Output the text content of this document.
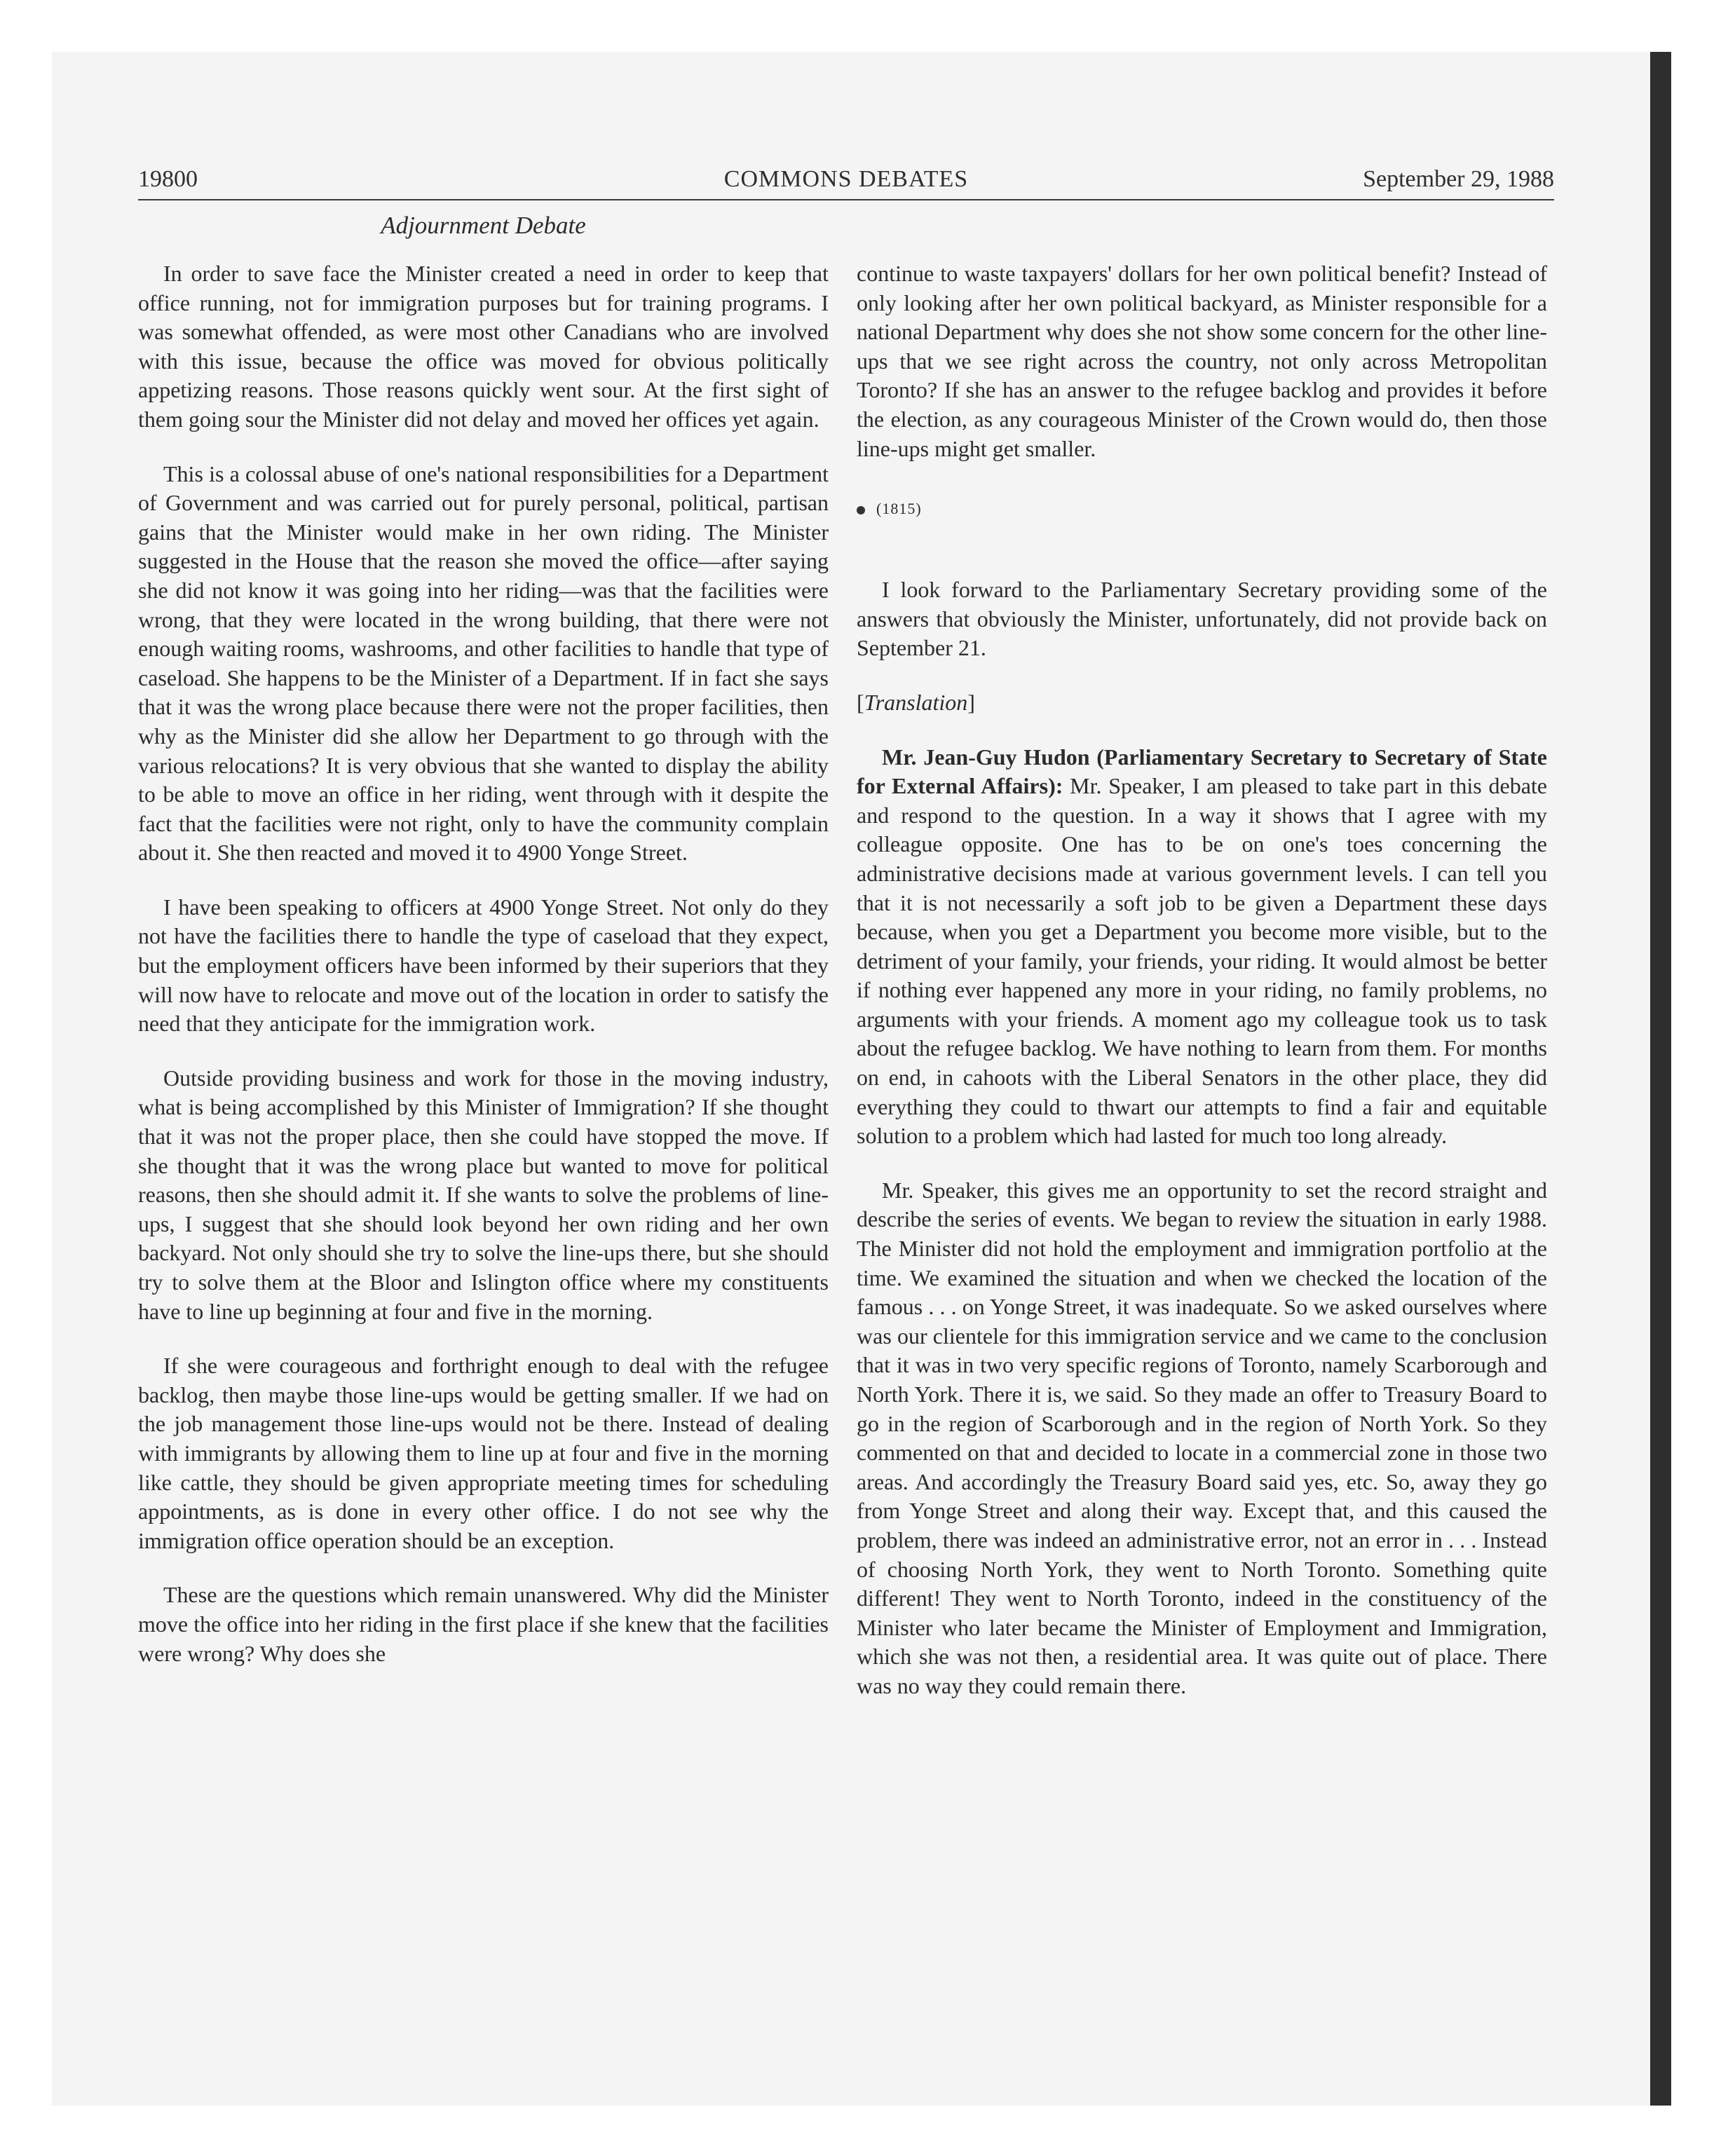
19800	COMMONS DEBATES	September 29, 1988
Adjournment Debate

In order to save face the Minister created a need in order to keep that office running, not for immigration purposes but for training programs. I was somewhat offended, as were most other Canadians who are involved with this issue, because the office was moved for obvious politically appetizing reasons. Those reasons quickly went sour. At the first sight of them going sour the Minister did not delay and moved her offices yet again.

This is a colossal abuse of one's national responsibilities for a Department of Government and was carried out for purely personal, political, partisan gains that the Minister would make in her own riding. The Minister suggested in the House that the reason she moved the office—after saying she did not know it was going into her riding—was that the facilities were wrong, that they were located in the wrong building, that there were not enough waiting rooms, washrooms, and other facilities to handle that type of caseload. She happens to be the Minister of a Department. If in fact she says that it was the wrong place because there were not the proper facilities, then why as the Minister did she allow her Department to go through with the various relocations? It is very obvious that she wanted to display the ability to be able to move an office in her riding, went through with it despite the fact that the facilities were not right, only to have the community complain about it. She then reacted and moved it to 4900 Yonge Street.

I have been speaking to officers at 4900 Yonge Street. Not only do they not have the facilities there to handle the type of caseload that they expect, but the employment officers have been informed by their superiors that they will now have to relocate and move out of the location in order to satisfy the need that they anticipate for the immigration work.

Outside providing business and work for those in the moving industry, what is being accomplished by this Minister of Immigration? If she thought that it was not the proper place, then she could have stopped the move. If she thought that it was the wrong place but wanted to move for political reasons, then she should admit it. If she wants to solve the problems of line-ups, I suggest that she should look beyond her own riding and her own backyard. Not only should she try to solve the line-ups there, but she should try to solve them at the Bloor and Islington office where my constituents have to line up beginning at four and five in the morning.

If she were courageous and forthright enough to deal with the refugee backlog, then maybe those line-ups would be getting smaller. If we had on the job management those line-ups would not be there. Instead of dealing with immigrants by allowing them to line up at four and five in the morning like cattle, they should be given appropriate meeting times for scheduling appointments, as is done in every other office. I do not see why the immigration office operation should be an exception.

These are the questions which remain unanswered. Why did the Minister move the office into her riding in the first place if she knew that the facilities were wrong? Why does she

continue to waste taxpayers' dollars for her own political benefit? Instead of only looking after her own political backyard, as Minister responsible for a national Department why does she not show some concern for the other line-ups that we see right across the country, not only across Metropolitan Toronto? If she has an answer to the refugee backlog and provides it before the election, as any courageous Minister of the Crown would do, then those line-ups might get smaller.

(1815)

I look forward to the Parliamentary Secretary providing some of the answers that obviously the Minister, unfortunately, did not provide back on September 21.

[Translation]

Mr. Jean-Guy Hudon (Parliamentary Secretary to Secretary of State for External Affairs): Mr. Speaker, I am pleased to take part in this debate and respond to the question. In a way it shows that I agree with my colleague opposite. One has to be on one's toes concerning the administrative decisions made at various government levels. I can tell you that it is not necessarily a soft job to be given a Department these days because, when you get a Department you become more visible, but to the detriment of your family, your friends, your riding. It would almost be better if nothing ever happened any more in your riding, no family problems, no arguments with your friends. A moment ago my colleague took us to task about the refugee backlog. We have nothing to learn from them. For months on end, in cahoots with the Liberal Senators in the other place, they did everything they could to thwart our attempts to find a fair and equitable solution to a problem which had lasted for much too long already.

Mr. Speaker, this gives me an opportunity to set the record straight and describe the series of events. We began to review the situation in early 1988. The Minister did not hold the employment and immigration portfolio at the time. We examined the situation and when we checked the location of the famous . . . on Yonge Street, it was inadequate. So we asked ourselves where was our clientele for this immigration service and we came to the conclusion that it was in two very specific regions of Toronto, namely Scarborough and North York. There it is, we said. So they made an offer to Treasury Board to go in the region of Scarborough and in the region of North York. So they commented on that and decided to locate in a commercial zone in those two areas. And accordingly the Treasury Board said yes, etc. So, away they go from Yonge Street and along their way. Except that, and this caused the problem, there was indeed an administrative error, not an error in . . . Instead of choosing North York, they went to North Toronto. Something quite different! They went to North Toronto, indeed in the constituency of the Minister who later became the Minister of Employment and Immigration, which she was not then, a residential area. It was quite out of place. There was no way they could remain there.
